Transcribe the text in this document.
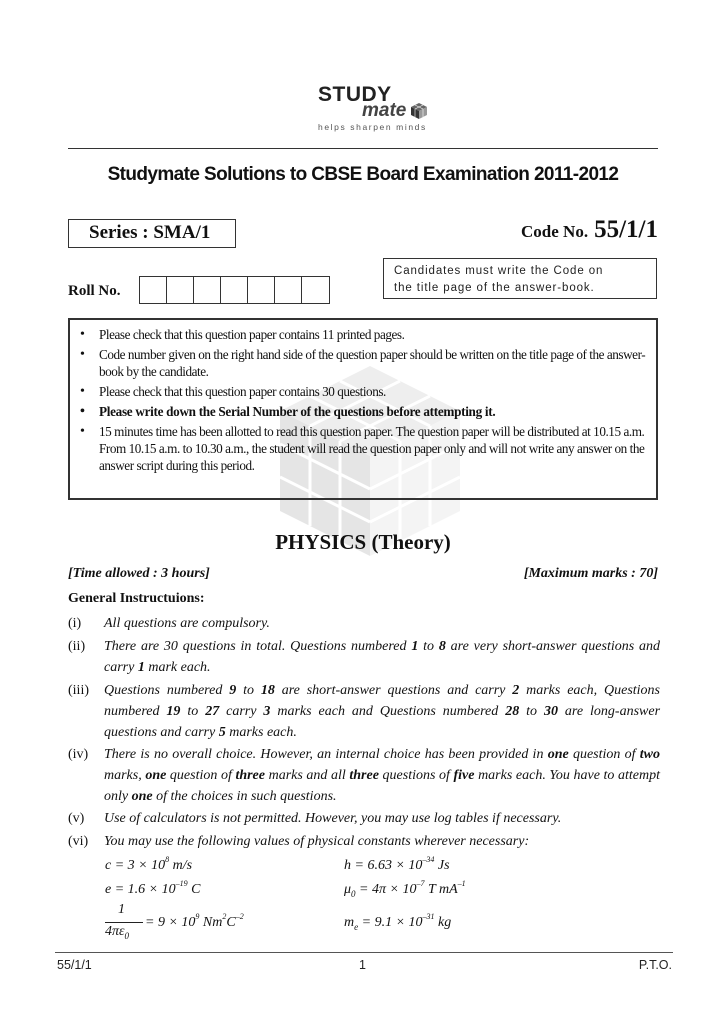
STUDY
mate
helps sharpen minds
Studymate Solutions to CBSE Board Examination 2011-2012
Series : SMA/1	Code No. 55/1/1
Roll No.
Candidates must write the Code on
the title page of the answer-book.
• Please check that this question paper contains 11 printed pages.
• Code number given on the right hand side of the question paper should be written on the title page of the answer-book by the candidate.
• Please check that this question paper contains 30 questions.
• Please write down the Serial Number of the questions before attempting it.
• 15 minutes time has been allotted to read this question paper. The question paper will be distributed at 10.15 a.m. From 10.15 a.m. to 10.30 a.m., the student will read the question paper only and will not write any answer on the answer script during this period.
PHYSICS (Theory)
[Time allowed : 3 hours]	[Maximum marks : 70]
General Instructuions:
(i) All questions are compulsory.
(ii) There are 30 questions in total. Questions numbered 1 to 8 are very short-answer questions and carry 1 mark each.
(iii) Questions numbered 9 to 18 are short-answer questions and carry 2 marks each, Questions numbered 19 to 27 carry 3 marks each and Questions numbered 28 to 30 are long-answer questions and carry 5 marks each.
(iv) There is no overall choice. However, an internal choice has been provided in one question of two marks, one question of three marks and all three questions of five marks each. You have to attempt only one of the choices in such questions.
(v) Use of calculators is not permitted. However, you may use log tables if necessary.
(vi) You may use the following values of physical constants wherever necessary:
$c = 3 \times 10^8$ m/s	$h = 6.63 \times 10^{-34}$ Js
$e = 1.6 \times 10^{-19}$ C	$\mu_0 = 4\pi \times 10^{-7}$ T $mA^{-1}$
1
$4\pi\varepsilon_0$
= $9 \times 10^9$ $Nm^2C^{-2}$	$m_e = 9.1 \times 10^{-31}$ kg
55/1/1	1	P.T.O.
